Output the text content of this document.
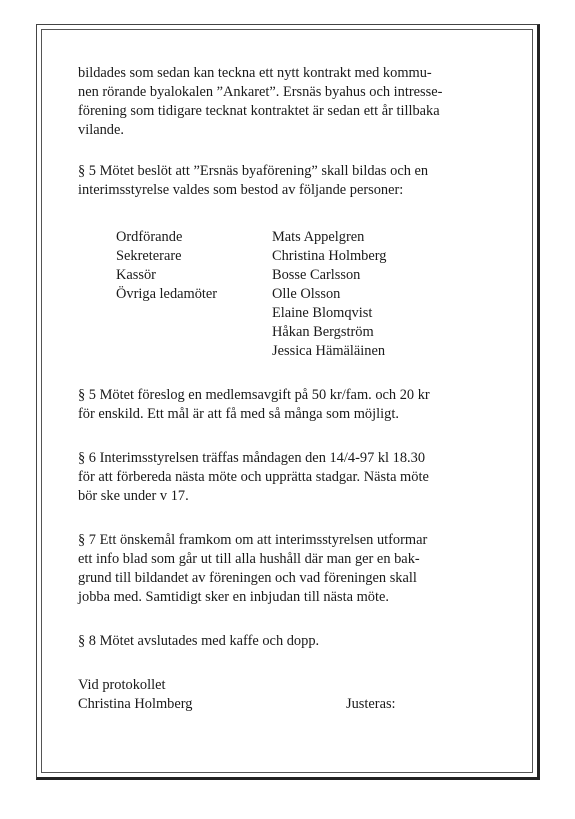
bildades som sedan kan teckna ett nytt kontrakt med kommu-
nen rörande byalokalen ”Ankaret”. Ersnäs byahus och intresse-
förening som tidigare tecknat kontraktet är sedan ett år tillbaka
vilande.

§ 5 Mötet beslöt att ”Ersnäs byaförening” skall bildas och en
interimsstyrelse valdes som bestod av följande personer:

Ordförande	Mats Appelgren
Sekreterare	Christina Holmberg
Kassör	Bosse Carlsson
Övriga ledamöter	Olle Olsson
Elaine Blomqvist
Håkan Bergström
Jessica Hämäläinen

§ 5 Mötet föreslog en medlemsavgift på 50 kr/fam. och 20 kr
för enskild. Ett mål är att få med så många som möjligt.

§ 6 Interimsstyrelsen träffas måndagen den 14/4-97 kl 18.30
för att förbereda nästa möte och upprätta stadgar. Nästa möte
bör ske under v 17.

§ 7 Ett önskemål framkom om att interimsstyrelsen utformar
ett info blad som går ut till alla hushåll där man ger en bak-
grund till bildandet av föreningen och vad föreningen skall
jobba med. Samtidigt sker en inbjudan till nästa möte.

§ 8 Mötet avslutades med kaffe och dopp.

Vid protokollet
Christina Holmberg	Justeras:
